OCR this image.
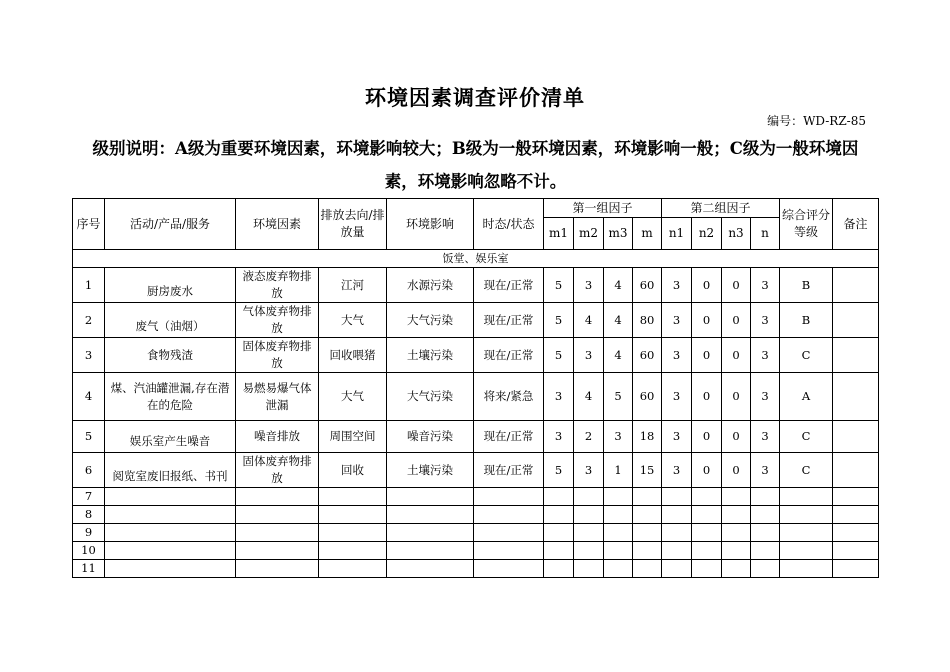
环境因素调查评价清单
编号：WD-RZ-85
级别说明：A级为重要环境因素，环境影响较大；B级为一般环境因素，环境影响一般；C级为一般环境因素，环境影响忽略不计。
序号	活动/产品/服务	环境因素	排放去向/排放量	环境影响	时态/状态	第一组因子				第二组因子				综合评分等级	备注
						m1	m2	m3	m	n1	n2	n3	n		
饭堂、娱乐室															
1	厨房废水	液态废弃物排放	江河	水源污染	现在/正常	5	3	4	60	3	0	0	3	B	
2	废气（油烟）	气体废弃物排放	大气	大气污染	现在/正常	5	4	4	80	3	0	0	3	B	
3	食物残渣	固体废弃物排放	回收喂猪	土壤污染	现在/正常	5	3	4	60	3	0	0	3	C	
4	煤、汽油罐泄漏,存在潜在的危险	易燃易爆气体泄漏	大气	大气污染	将来/紧急	3	4	5	60	3	0	0	3	A	
5	娱乐室产生噪音	噪音排放	周围空间	噪音污染	现在/正常	3	2	3	18	3	0	0	3	C	
6	阅览室废旧报纸、书刊	固体废弃物排放	回收	土壤污染	现在/正常	5	3	1	15	3	0	0	3	C	
7															
8															
9															
10															
11															
